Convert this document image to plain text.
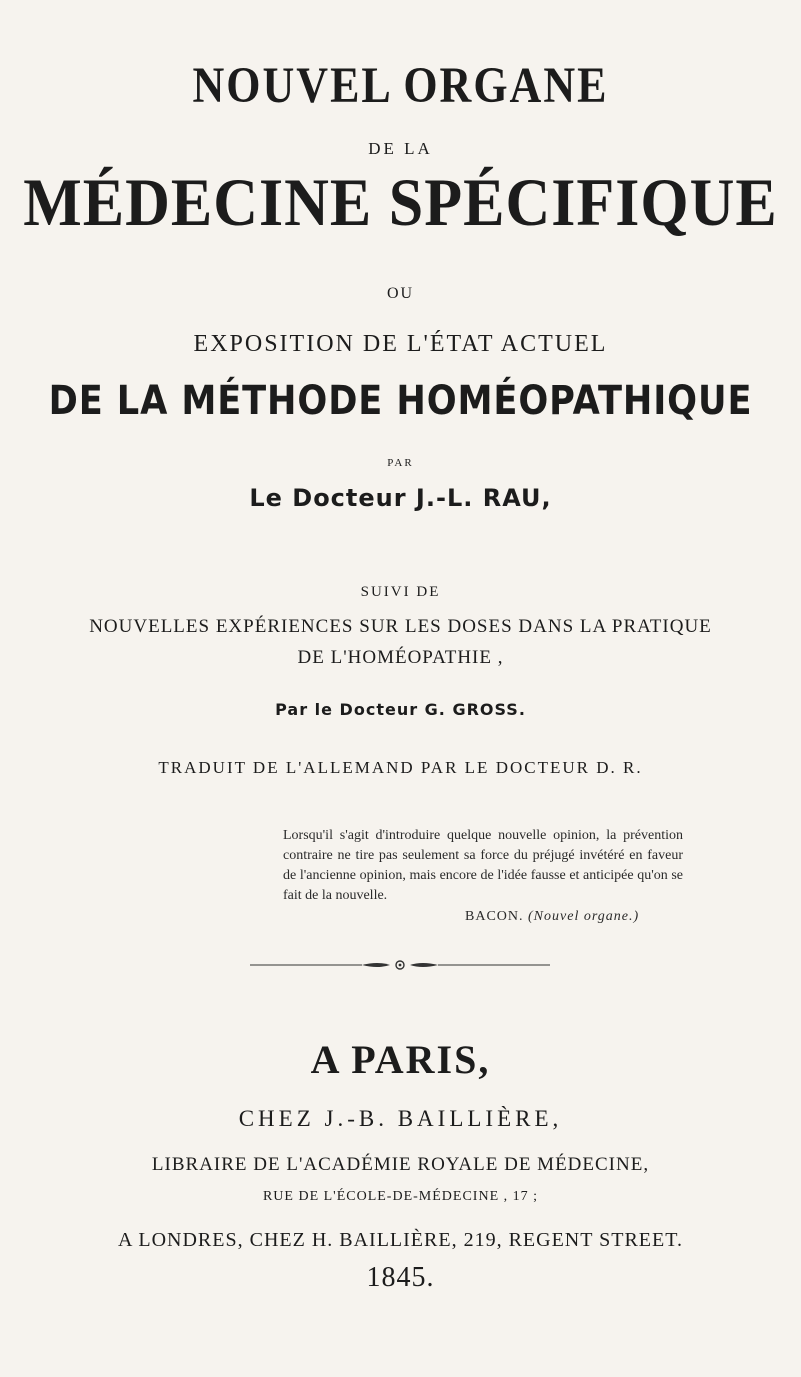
NOUVEL ORGANE
DE LA
MÉDECINE SPÉCIFIQUE
OU
EXPOSITION DE L'ÉTAT ACTUEL
DE LA MÉTHODE HOMÉOPATHIQUE
PAR
Le Docteur J.-L. RAU,
SUIVI DE
NOUVELLES EXPÉRIENCES SUR LES DOSES DANS LA PRATIQUE
DE L'HOMÉOPATHIE ,
Par le Docteur G. GROSS.
TRADUIT DE L'ALLEMAND PAR LE DOCTEUR D. R.
Lorsqu'il s'agit d'introduire quelque nouvelle opinion, la prévention contraire ne tire pas seulement sa force du préjugé invétéré en faveur de l'ancienne opinion, mais encore de l'idée fausse et anticipée qu'on se fait de la nouvelle.
BACON. (Nouvel organe.)
A PARIS,
CHEZ J.-B. BAILLIÈRE,
LIBRAIRE DE L'ACADÉMIE ROYALE DE MÉDECINE,
RUE DE L'ÉCOLE-DE-MÉDECINE , 17 ;
A LONDRES, CHEZ H. BAILLIÈRE, 219, REGENT STREET.
1845.
